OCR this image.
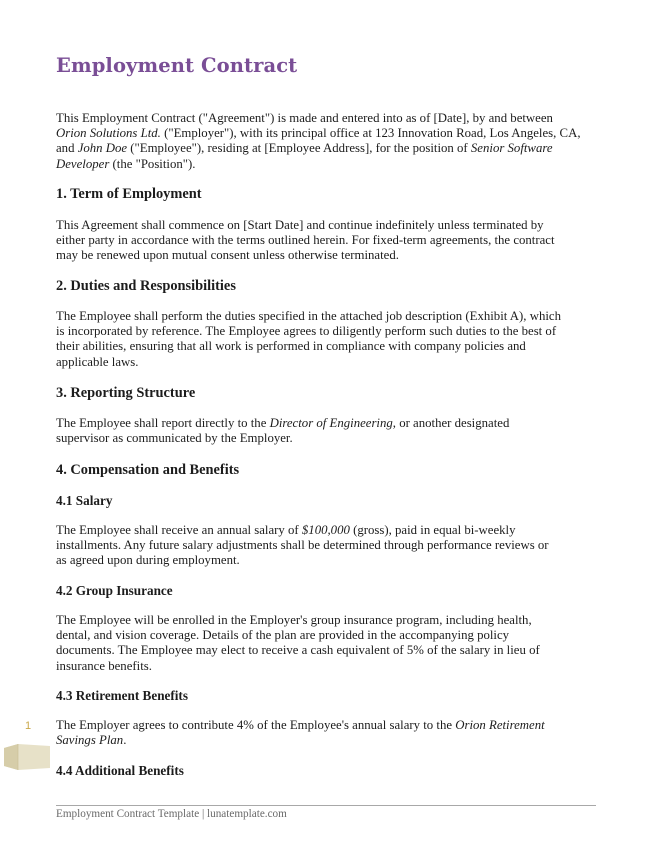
Employment Contract
This Employment Contract ("Agreement") is made and entered into as of [Date], by and between
Orion Solutions Ltd. ("Employer"), with its principal office at 123 Innovation Road, Los Angeles, CA,
and John Doe ("Employee"), residing at [Employee Address], for the position of Senior Software
Developer (the "Position").
1. Term of Employment
This Agreement shall commence on [Start Date] and continue indefinitely unless terminated by
either party in accordance with the terms outlined herein. For fixed-term agreements, the contract
may be renewed upon mutual consent unless otherwise terminated.
2. Duties and Responsibilities
The Employee shall perform the duties specified in the attached job description (Exhibit A), which
is incorporated by reference. The Employee agrees to diligently perform such duties to the best of
their abilities, ensuring that all work is performed in compliance with company policies and
applicable laws.
3. Reporting Structure
The Employee shall report directly to the Director of Engineering, or another designated
supervisor as communicated by the Employer.
4. Compensation and Benefits
4.1 Salary
The Employee shall receive an annual salary of $100,000 (gross), paid in equal bi-weekly
installments. Any future salary adjustments shall be determined through performance reviews or
as agreed upon during employment.
4.2 Group Insurance
The Employee will be enrolled in the Employer's group insurance program, including health,
dental, and vision coverage. Details of the plan are provided in the accompanying policy
documents. The Employee may elect to receive a cash equivalent of 5% of the salary in lieu of
insurance benefits.
4.3 Retirement Benefits
The Employer agrees to contribute 4% of the Employee's annual salary to the Orion Retirement
Savings Plan.
4.4 Additional Benefits
1
Employment Contract Template | lunatemplate.com
